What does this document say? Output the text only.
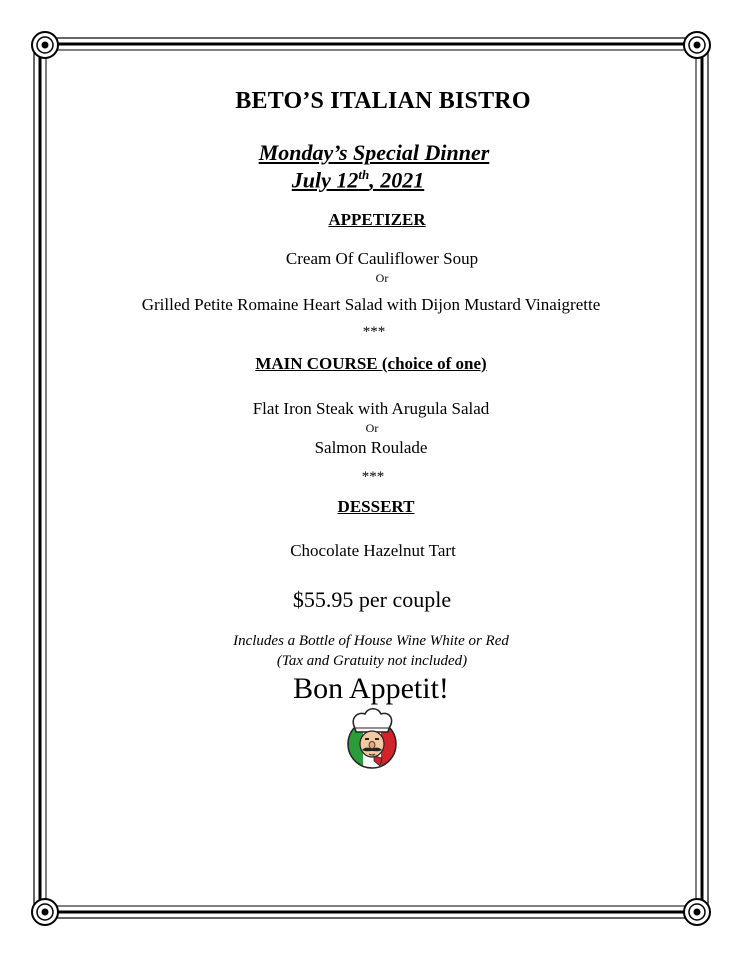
BETO’S ITALIAN BISTRO
Monday’s Special Dinner
July 12th, 2021
APPETIZER
Cream Of Cauliflower Soup
Or
Grilled Petite Romaine Heart Salad with Dijon Mustard Vinaigrette
***
MAIN COURSE (choice of one)
Flat Iron Steak with Arugula Salad
Or
Salmon Roulade
***
DESSERT
Chocolate Hazelnut Tart
$55.95 per couple
Includes a Bottle of House Wine White or Red
(Tax and Gratuity not included)
Bon Appetit!
